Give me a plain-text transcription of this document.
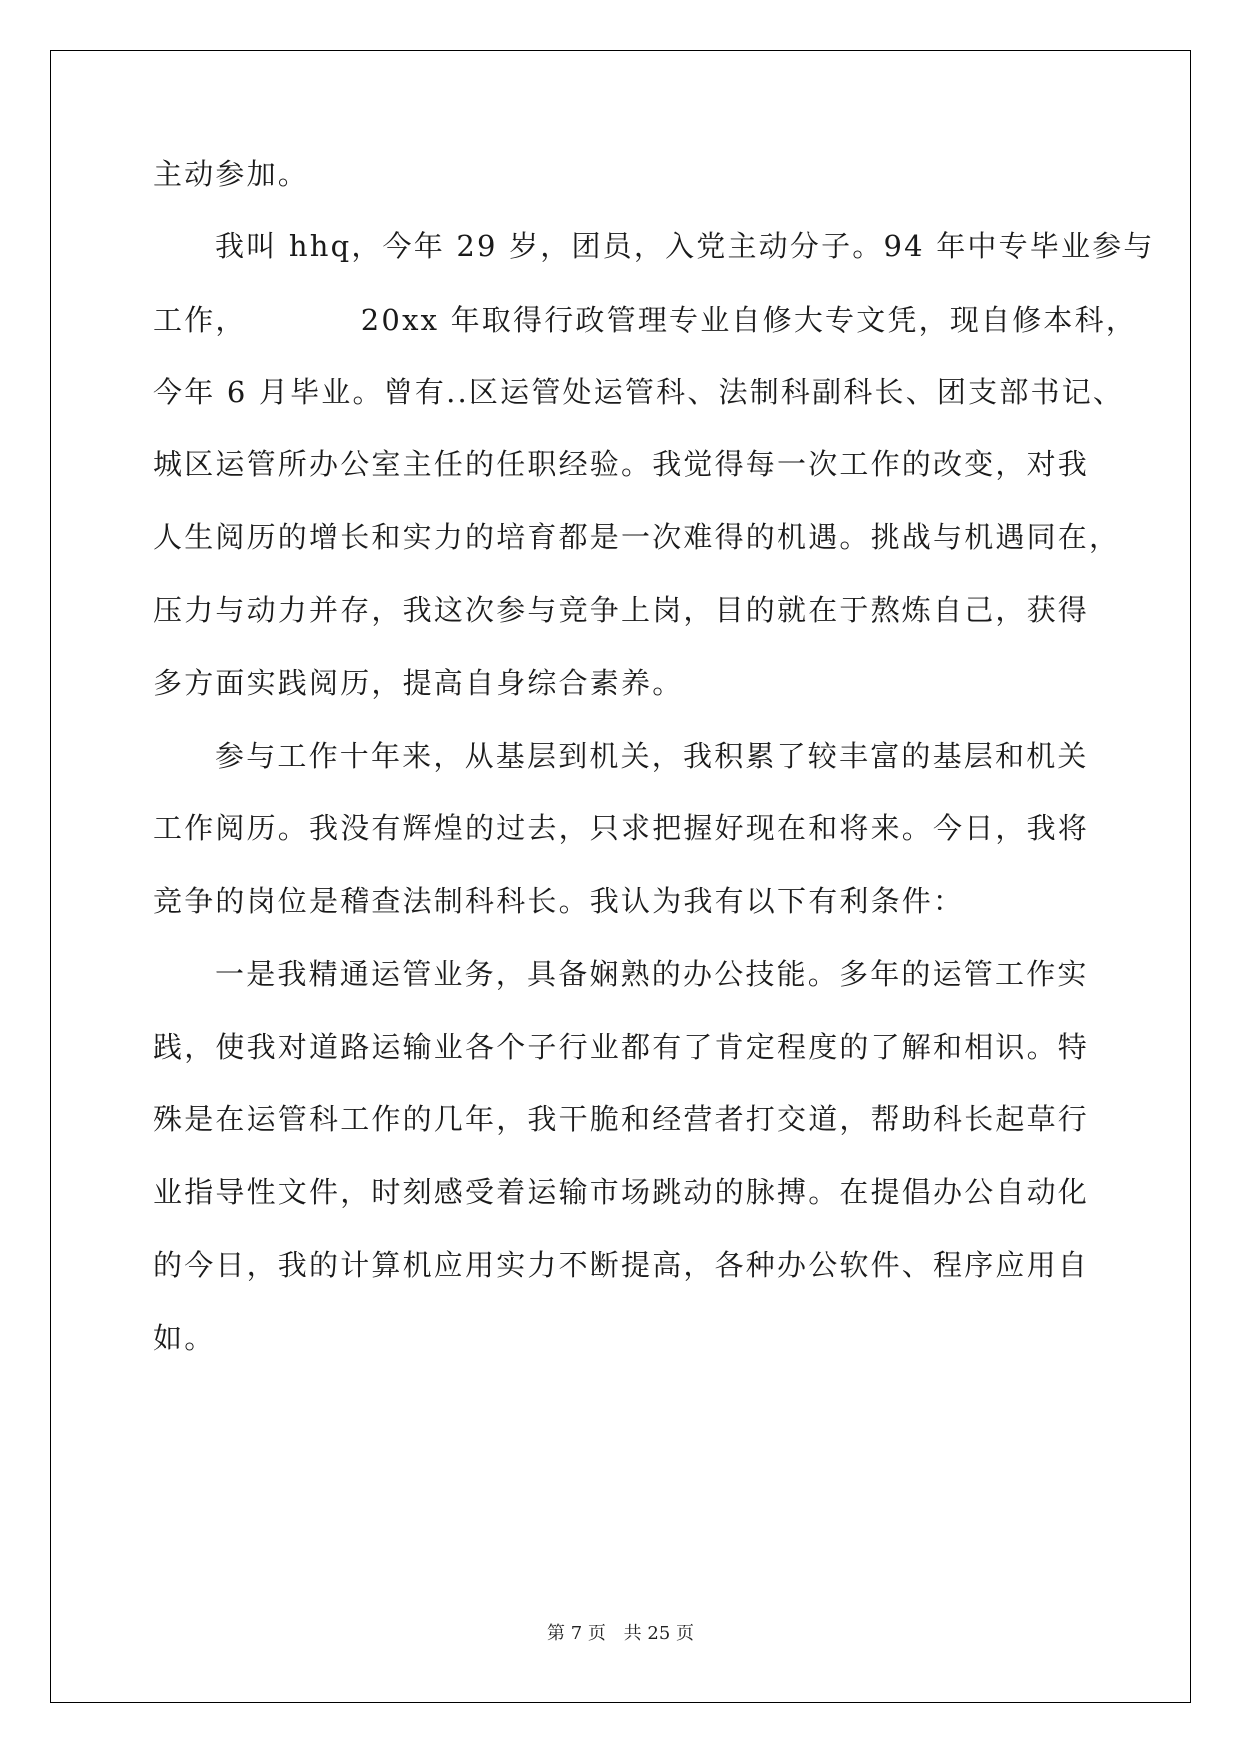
主动参加。
我叫 hhq，今年 29 岁，团员，入党主动分子。94 年中专毕业参与
工作，          20xx 年取得行政管理专业自修大专文凭，现自修本科，
今年 6 月毕业。曾有..区运管处运管科、法制科副科长、团支部书记、
城区运管所办公室主任的任职经验。我觉得每一次工作的改变，对我
人生阅历的增长和实力的培育都是一次难得的机遇。挑战与机遇同在，
压力与动力并存，我这次参与竞争上岗，目的就在于熬炼自己，获得
多方面实践阅历，提高自身综合素养。
参与工作十年来，从基层到机关，我积累了较丰富的基层和机关
工作阅历。我没有辉煌的过去，只求把握好现在和将来。今日，我将
竞争的岗位是稽查法制科科长。我认为我有以下有利条件：
一是我精通运管业务，具备娴熟的办公技能。多年的运管工作实
践，使我对道路运输业各个子行业都有了肯定程度的了解和相识。特
殊是在运管科工作的几年，我干脆和经营者打交道，帮助科长起草行
业指导性文件，时刻感受着运输市场跳动的脉搏。在提倡办公自动化
的今日，我的计算机应用实力不断提高，各种办公软件、程序应用自
如。
第 7 页 共 25 页
